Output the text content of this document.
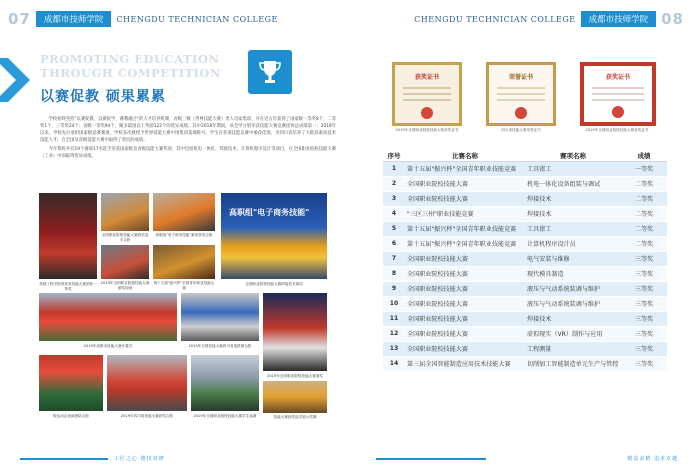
07	成都市技师学院	CHENGDU TECHNICIAN COLLEGE
PROMOTING EDUCATION
THROUGH COMPETITION
以赛促教 硕果累累

学校始终坚持"以赛促教、以赛促学、赛教融合"的人才培养机制，省级三级（世界技能大赛）类人员家集训，并在近五年获得了国家级一等奖8个，二等奖1个，三等奖24个；省级一等奖94个，聚多最国以上奖励122个的优异成绩。其中2018年期间，该全学分别荣获技能大赛竞赛团体总成绩第一；2019年以来，学校先后承担国家级竞赛赛项，学校多次被授予世界技能大赛中国集训基地称号。学生在各项技能竞赛中屡获佳绩，为四川省培养了大批高素质技术技能人才，在全国及省级技能大赛中取得了突出的成绩。

今年我校共有19个赛项17名选手荣获国家级及省级技能大赛奖项，其中包括机电一体化、焊接技术、计算机程序设计等项目，在全国职业院校技能大赛（工业）中国取得优异成绩。

机械工程学院荣获省技能大赛团体一等奖
全国职业院校技能大赛获奖选手合影
高职组"电子商务技能"赛项获奖合影
2019年全国职业院校技能大赛颁奖现场
第十五届"振兴杯"全国青年职业技能大赛
高职组"电子商务技能"
全国职业院校技能大赛焊接技术赛项
2019年成都市技能大赛开幕式	2019年全国技能大赛四川省选拔赛合影
2019年全国职业院校技能大赛颁奖
校运动会表演团队合影	2019年四川省技能大赛获奖合影	2019年全国职业院校技能大赛学生参赛	技能大赛获奖选手展示奖牌
工匠之心 德技双修
CHENGDU TECHNICIAN COLLEGE	成都市技师学院 08
获奖证书
2019年全国职业院校技能大赛获奖证书
荣誉证书
四川省技能大赛荣誉证书
获奖证书
2019年全国职业院校技能大赛获奖证书
序号	比赛名称	赛项名称	成绩
1	第十五届"振兴杯"全国青年职业技能竞赛	工具钳工	一等奖
2	全国职业院校技能大赛	机电一体化设备组装与调试	二等奖
3	全国职业院校技能大赛	焊接技术	二等奖
4	"三区三州"职业技能竞赛	焊接技术	二等奖
5	第十五届"振兴杯"全国青年职业技能竞赛	工具钳工	二等奖
6	第十五届"振兴杯"全国青年职业技能竞赛	计算机程序设计员	二等奖
7	全国职业院校技能大赛	电气安装与维修	三等奖
8	全国职业院校技能大赛	现代模具制造	三等奖
9	全国职业院校技能大赛	液压与气动系统装调与维护	三等奖
10	全国职业院校技能大赛	液压与气动系统装调与维护	三等奖
11	全国职业院校技能大赛	焊接技术	三等奖
12	全国职业院校技能大赛	虚拟现实（VR）制作与应用	三等奖
13	全国职业院校技能大赛	工程测量	三等奖
14	第三届全国智能制造应用技术技能大赛	切削加工智能制造单元生产与管控	三等奖
精益求精 追求卓越
